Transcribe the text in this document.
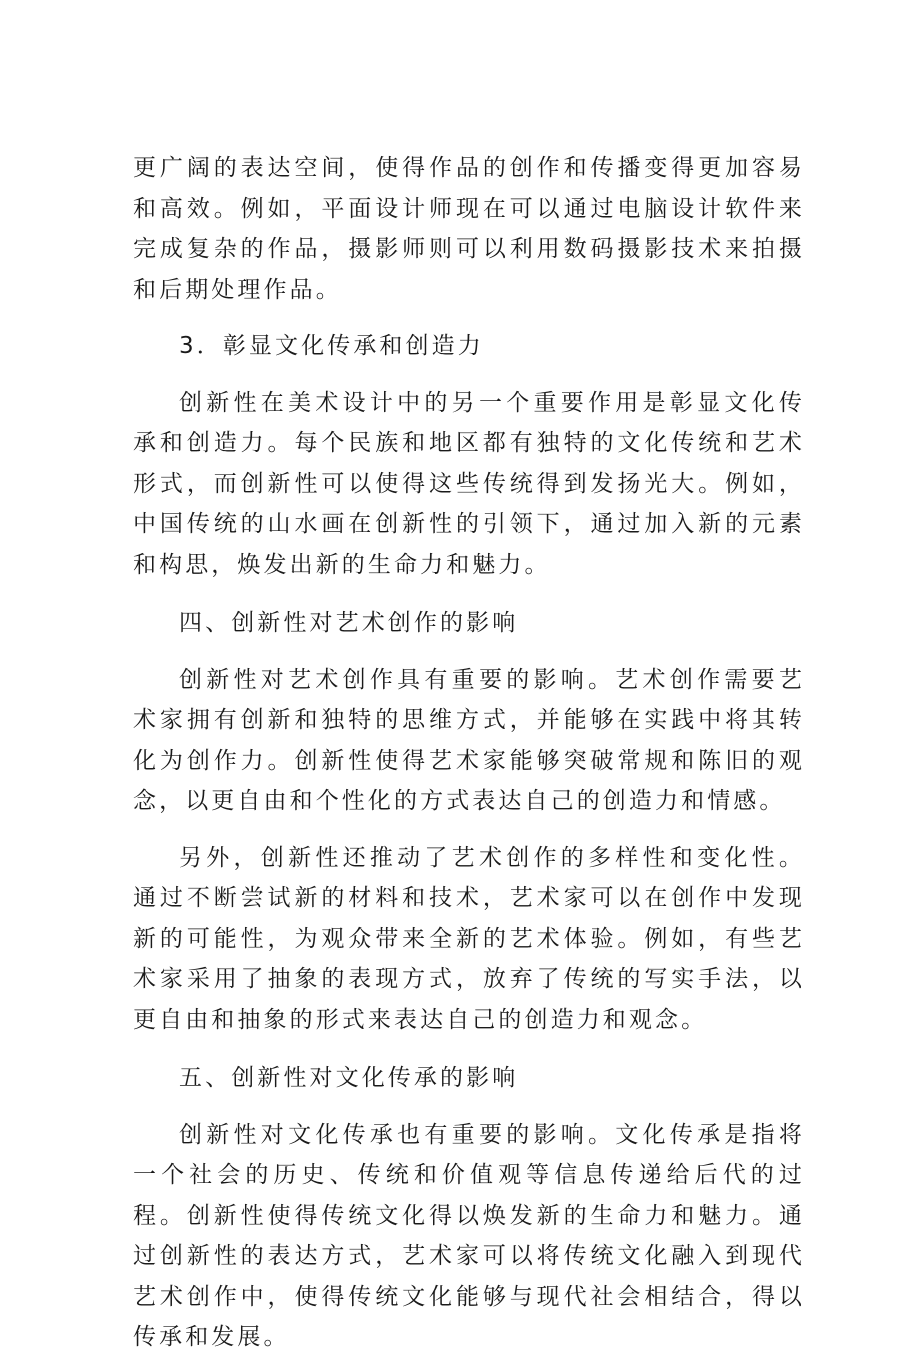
更广阔的表达空间，使得作品的创作和传播变得更加容易和高效。例如，平面设计师现在可以通过电脑设计软件来完成复杂的作品，摄影师则可以利用数码摄影技术来拍摄和后期处理作品。

3．彰显文化传承和创造力

创新性在美术设计中的另一个重要作用是彰显文化传承和创造力。每个民族和地区都有独特的文化传统和艺术形式，而创新性可以使得这些传统得到发扬光大。例如，中国传统的山水画在创新性的引领下，通过加入新的元素和构思，焕发出新的生命力和魅力。

四、创新性对艺术创作的影响

创新性对艺术创作具有重要的影响。艺术创作需要艺术家拥有创新和独特的思维方式，并能够在实践中将其转化为创作力。创新性使得艺术家能够突破常规和陈旧的观念，以更自由和个性化的方式表达自己的创造力和情感。

另外，创新性还推动了艺术创作的多样性和变化性。通过不断尝试新的材料和技术，艺术家可以在创作中发现新的可能性，为观众带来全新的艺术体验。例如，有些艺术家采用了抽象的表现方式，放弃了传统的写实手法，以更自由和抽象的形式来表达自己的创造力和观念。

五、创新性对文化传承的影响

创新性对文化传承也有重要的影响。文化传承是指将一个社会的历史、传统和价值观等信息传递给后代的过程。创新性使得传统文化得以焕发新的生命力和魅力。通过创新性的表达方式，艺术家可以将传统文化融入到现代艺术创作中，使得传统文化能够与现代社会相结合，得以传承和发展。
